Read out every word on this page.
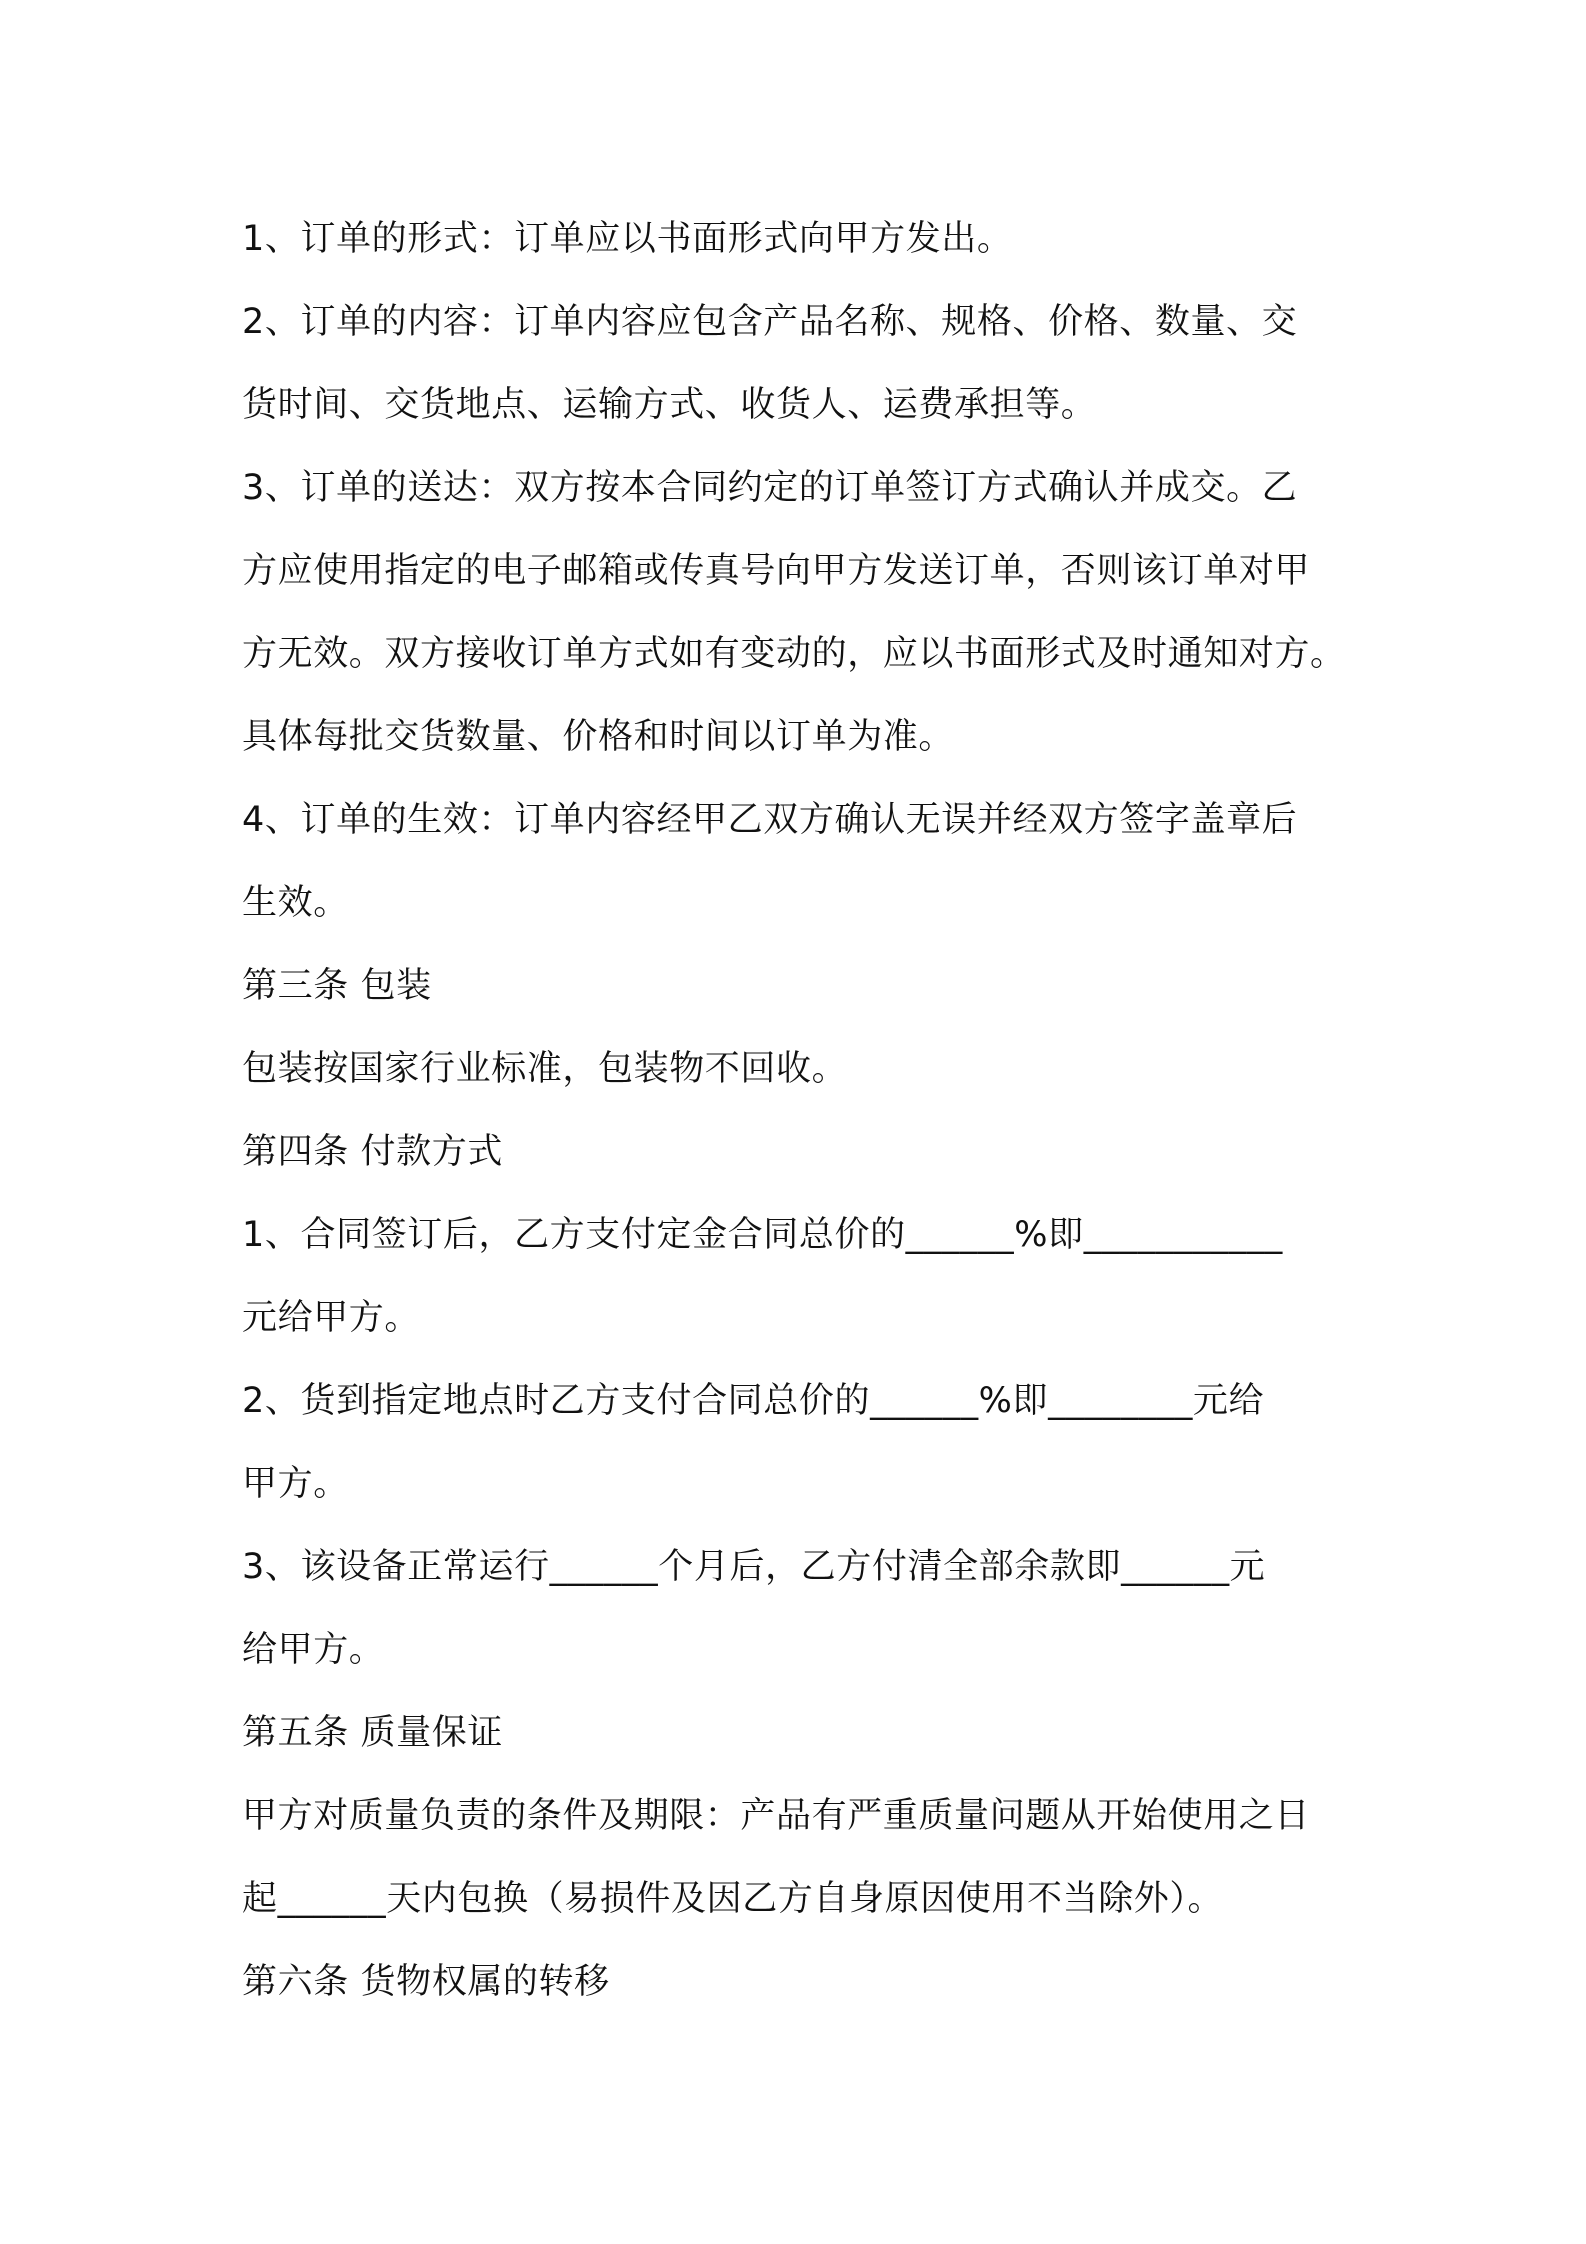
1、订单的形式：订单应以书面形式向甲方发出。
2、订单的内容：订单内容应包含产品名称、规格、价格、数量、交
货时间、交货地点、运输方式、收货人、运费承担等。
3、订单的送达：双方按本合同约定的订单签订方式确认并成交。乙
方应使用指定的电子邮箱或传真号向甲方发送订单，否则该订单对甲
方无效。双方接收订单方式如有变动的，应以书面形式及时通知对方。
具体每批交货数量、价格和时间以订单为准。
4、订单的生效：订单内容经甲乙双方确认无误并经双方签字盖章后
生效。
第三条 包装
包装按国家行业标准，包装物不回收。
第四条 付款方式
1、合同签订后，乙方支付定金合同总价的______%即___________
元给甲方。
2、货到指定地点时乙方支付合同总价的______%即________元给
甲方。
3、该设备正常运行______个月后，乙方付清全部余款即______元
给甲方。
第五条 质量保证
甲方对质量负责的条件及期限：产品有严重质量问题从开始使用之日
起______天内包换（易损件及因乙方自身原因使用不当除外）。
第六条 货物权属的转移
